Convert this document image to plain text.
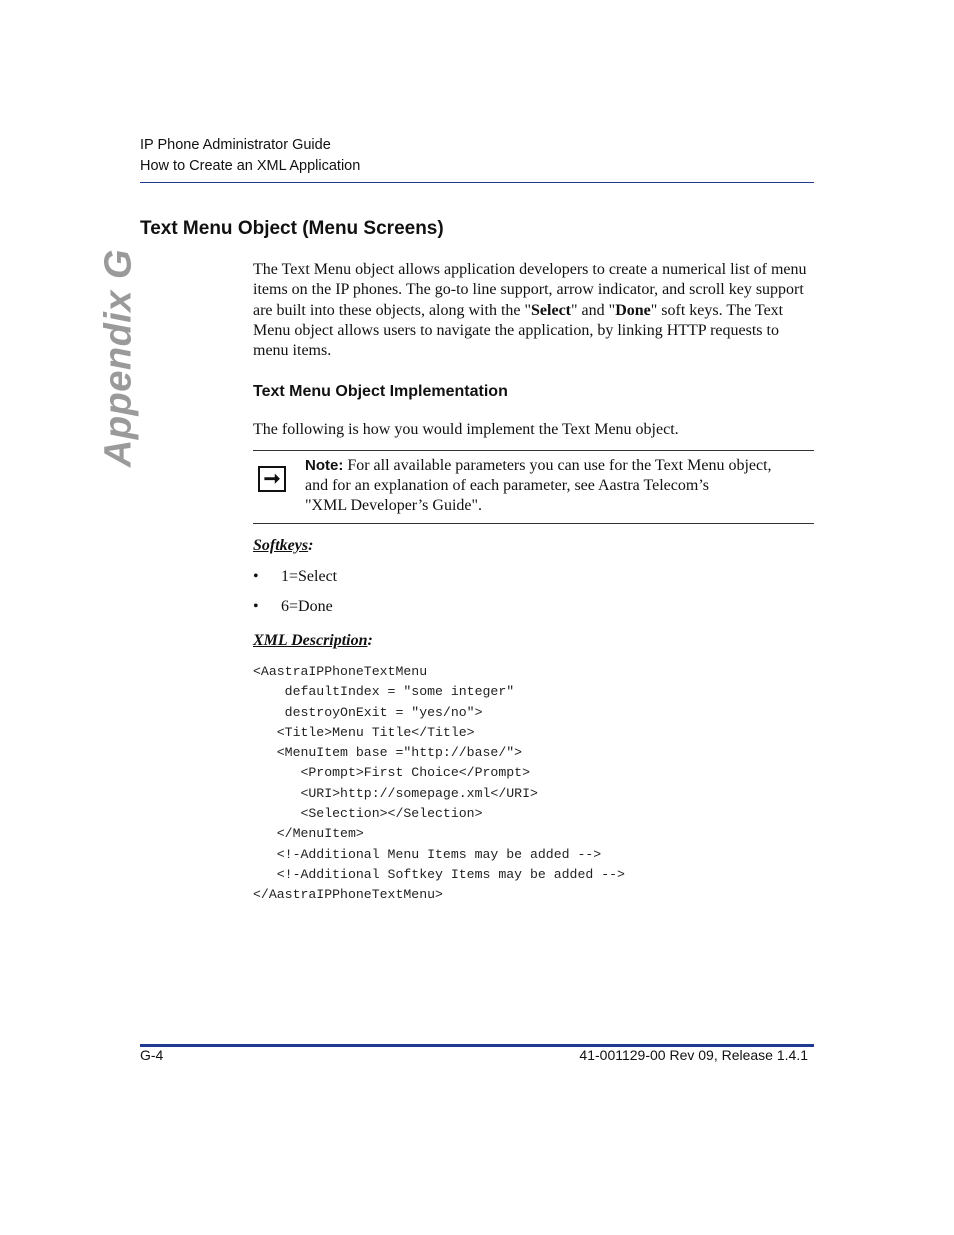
IP Phone Administrator Guide
How to Create an XML Application
Appendix G
Text Menu Object (Menu Screens)
The Text Menu object allows application developers to create a numerical list of menu items on the IP phones. The go-to line support, arrow indicator, and scroll key support are built into these objects, along with the "Select" and "Done" soft keys. The Text Menu object allows users to navigate the application, by linking HTTP requests to menu items.
Text Menu Object Implementation
The following is how you would implement the Text Menu object.
➞
Note: For all available parameters you can use for the Text Menu object,
and for an explanation of each parameter, see Aastra Telecom’s
"XML Developer’s Guide".
Softkeys:
• 1=Select
• 6=Done
XML Description:
<AastraIPPhoneTextMenu
defaultIndex = "some integer"
destroyOnExit = "yes/no">
<Title>Menu Title</Title>
<MenuItem base ="http://base/">
<Prompt>First Choice</Prompt>
<URI>http://somepage.xml</URI>
<Selection></Selection>
</MenuItem>
<!-Additional Menu Items may be added -->
<!-Additional Softkey Items may be added -->
</AastraIPPhoneTextMenu>
G-4	41-001129-00 Rev 09, Release 1.4.1
